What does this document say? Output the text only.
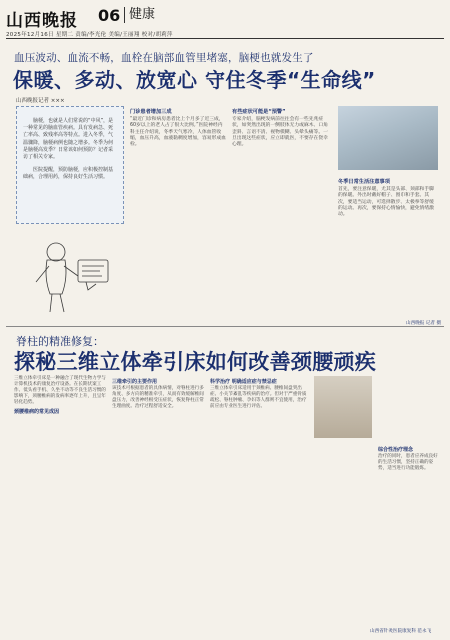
山西晚报 06 健康
2025年12月16日 星期二 责编/李光伦 美编/王丽翔 校对/胡莉萍
血压波动、血流不畅，血栓在脑部血管里堵塞，脑梗也就发生了
保暖、多动、放宽心 守住冬季“生命线”
山西晚报记者 ×××

脑梗，也就是人们常说的“中风”，是一种常见的脑血管疾病。具有发病急、死亡率高、致残率高等特点。进入冬季，气温骤降，脑梗病例也随之增多。冬季为何是脑梗高发季？日常该如何预防？记者采访了相关专家。

医院提醒，预防脑梗，应积极控制基础病，合理用药，保持良好生活习惯。

门诊患者增加三成
“最近门诊和病房患者比上个月多了近三成，60岁以上的老人占了很大比例。”医院神经内科主任介绍说，冬季天气寒冷，人体血管收缩，血压升高，血液黏稠度增加，容易形成血栓。
有些症状可能是“预警”
专家介绍，脑梗发病前往往会有一些先兆症状，如突然出现的一侧肢体无力或麻木、口角歪斜、言语不清、视物模糊、头晕头痛等。一旦出现这些症状，应立即就医，不要存在侥幸心理。
冬季日常生活注意事项
首先，要注意保暖，尤其是头部、颈部和手脚的保暖。外出时戴好帽子、围巾和手套。其次，要适当运动，可选择散步、太极拳等舒缓的运动。再次，要保持心情愉快，避免情绪激动。
山西晚报 记者 摄
脊柱的精准修复：
探秘三维立体牵引床如何改善颈腰顽疾
三维立体牵引床是一种融合了现代生物力学与计算机技术的康复治疗设备。在长期伏案工作、低头看手机、久坐不动等不良生活习惯的影响下，颈腰椎病的发病率逐年上升，且呈年轻化趋势。
颈腰椎病的常见成因
三维牵引的主要作用
该技术可根据患者的具体病情，对脊柱进行多角度、多方向的精准牵引，从而有效缓解椎间盘压力，改善神经根受压症状，恢复脊柱正常生理曲度。治疗过程舒适安全。
科学治疗 明确适应症与禁忌症
三维立体牵引床适用于颈椎病、腰椎间盘突出症、小关节紊乱等疾病的治疗。但对于严重骨质疏松、脊柱肿瘤、孕妇等人群则不宜使用，治疗前应由专业医生进行评估。
综合性治疗理念
治疗的同时，患者应养成良好的生活习惯，坚持正确的姿势，适当进行功能锻炼。
山西省针灸医院康复科 范永飞
